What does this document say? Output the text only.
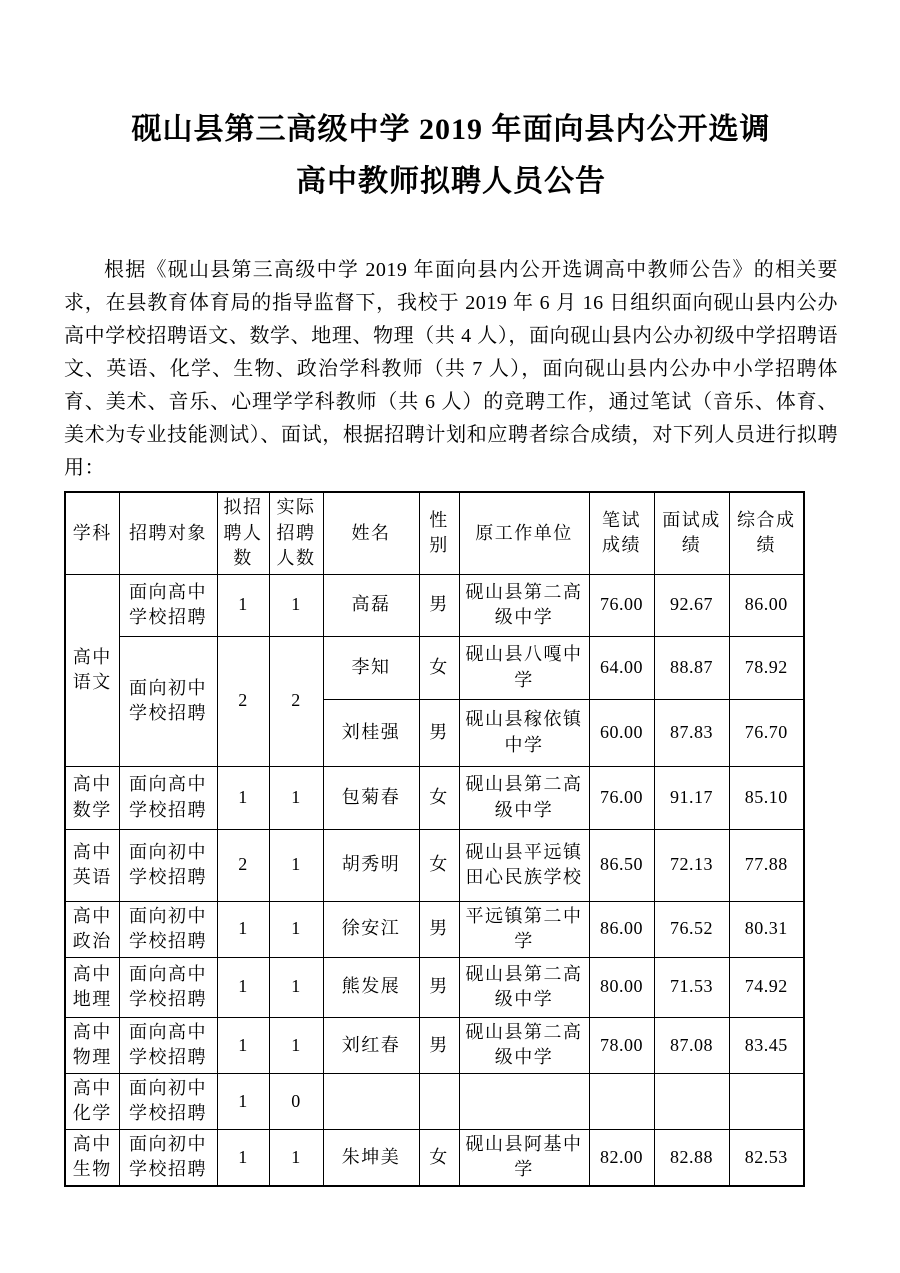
砚山县第三高级中学 2019 年面向县内公开选调
高中教师拟聘人员公告

根据《砚山县第三高级中学 2019 年面向县内公开选调高中教师公告》的相关要求，在县教育体育局的指导监督下，我校于 2019 年 6 月 16 日组织面向砚山县内公办高中学校招聘语文、数学、地理、物理（共 4 人），面向砚山县内公办初级中学招聘语文、英语、化学、生物、政治学科教师（共 7 人），面向砚山县内公办中小学招聘体育、美术、音乐、心理学学科教师（共 6 人）的竞聘工作，通过笔试（音乐、体育、美术为专业技能测试）、面试，根据招聘计划和应聘者综合成绩，对下列人员进行拟聘用：

学科	招聘对象	拟招聘人数	实际招聘人数	姓名	性别	原工作单位	笔试成绩	面试成绩	综合成绩
高中语文	面向高中学校招聘	1	1	高磊	男	砚山县第二高级中学	76.00	92.67	86.00
	面向初中学校招聘	2	2	李知	女	砚山县八嘎中学	64.00	88.87	78.92
				刘桂强	男	砚山县稼依镇中学	60.00	87.83	76.70
高中数学	面向高中学校招聘	1	1	包菊春	女	砚山县第二高级中学	76.00	91.17	85.10
高中英语	面向初中学校招聘	2	1	胡秀明	女	砚山县平远镇田心民族学校	86.50	72.13	77.88
高中政治	面向初中学校招聘	1	1	徐安江	男	平远镇第二中学	86.00	76.52	80.31
高中地理	面向高中学校招聘	1	1	熊发展	男	砚山县第二高级中学	80.00	71.53	74.92
高中物理	面向高中学校招聘	1	1	刘红春	男	砚山县第二高级中学	78.00	87.08	83.45
高中化学	面向初中学校招聘	1	0						
高中生物	面向初中学校招聘	1	1	朱坤美	女	砚山县阿基中学	82.00	82.88	82.53
